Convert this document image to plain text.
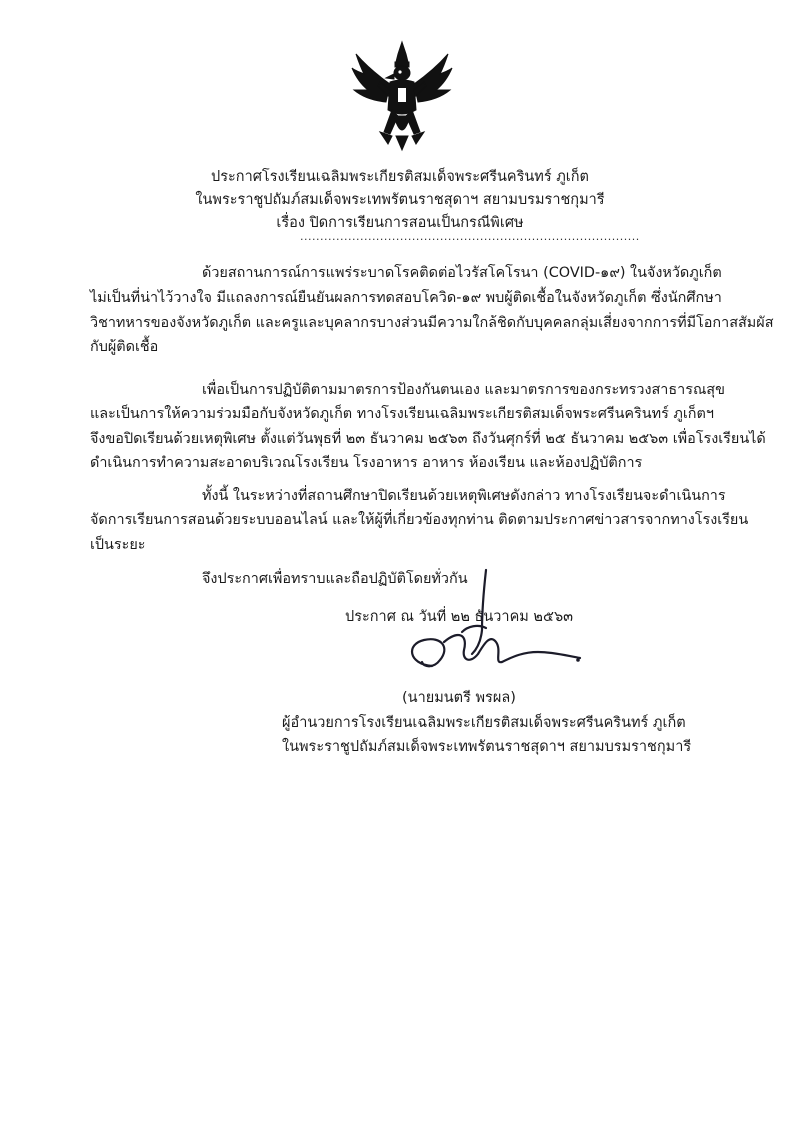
ประกาศโรงเรียนเฉลิมพระเกียรติสมเด็จพระศรีนครินทร์ ภูเก็ต
ในพระราชูปถัมภ์สมเด็จพระเทพรัตนราชสุดาฯ สยามบรมราชกุมารี
เรื่อง ปิดการเรียนการสอนเป็นกรณีพิเศษ
.....................................................................................
ด้วยสถานการณ์การแพร่ระบาดโรคติดต่อไวรัสโคโรนา (COVID-๑๙) ในจังหวัดภูเก็ต
ไม่เป็นที่น่าไว้วางใจ มีแถลงการณ์ยืนยันผลการทดสอบโควิด-๑๙ พบผู้ติดเชื้อในจังหวัดภูเก็ต ซึ่งนักศึกษา
วิชาทหารของจังหวัดภูเก็ต และครูและบุคลากรบางส่วนมีความใกล้ชิดกับบุคคลกลุ่มเสี่ยงจากการที่มีโอกาสสัมผัส
กับผู้ติดเชื้อ
เพื่อเป็นการปฏิบัติตามมาตรการป้องกันตนเอง และมาตรการของกระทรวงสาธารณสุข
และเป็นการให้ความร่วมมือกับจังหวัดภูเก็ต ทางโรงเรียนเฉลิมพระเกียรติสมเด็จพระศรีนครินทร์ ภูเก็ตฯ
จึงขอปิดเรียนด้วยเหตุพิเศษ ตั้งแต่วันพุธที่ ๒๓ ธันวาคม ๒๕๖๓ ถึงวันศุกร์ที่ ๒๕ ธันวาคม ๒๕๖๓ เพื่อโรงเรียนได้
ดำเนินการทำความสะอาดบริเวณโรงเรียน โรงอาหาร อาหาร ห้องเรียน และห้องปฏิบัติการ
ทั้งนี้ ในระหว่างที่สถานศึกษาปิดเรียนด้วยเหตุพิเศษดังกล่าว ทางโรงเรียนจะดำเนินการ
จัดการเรียนการสอนด้วยระบบออนไลน์ และให้ผู้ที่เกี่ยวข้องทุกท่าน ติดตามประกาศข่าวสารจากทางโรงเรียน
เป็นระยะ
จึงประกาศเพื่อทราบและถือปฏิบัติโดยทั่วกัน
ประกาศ ณ วันที่ ๒๒ ธันวาคม ๒๕๖๓
(นายมนตรี พรผล)
ผู้อำนวยการโรงเรียนเฉลิมพระเกียรติสมเด็จพระศรีนครินทร์ ภูเก็ต
ในพระราชูปถัมภ์สมเด็จพระเทพรัตนราชสุดาฯ สยามบรมราชกุมารี
